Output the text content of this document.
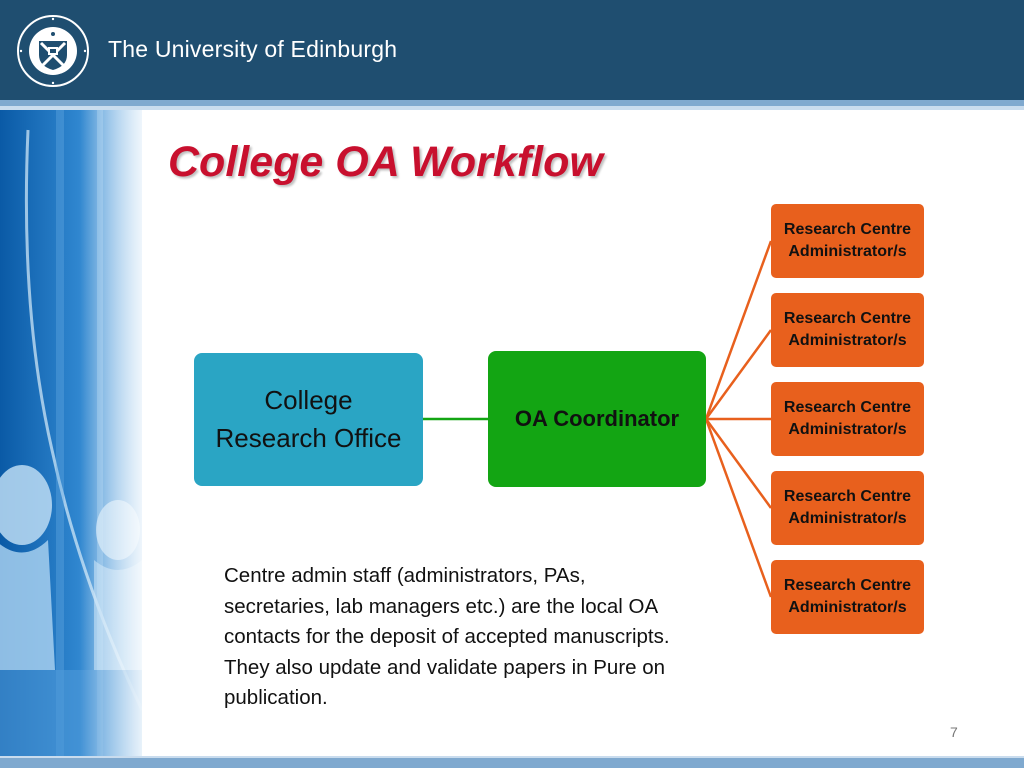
The University of Edinburgh
College OA Workflow
College
Research Office
OA Coordinator
Research Centre
Administrator/s
Research Centre
Administrator/s
Research Centre
Administrator/s
Research Centre
Administrator/s
Research Centre
Administrator/s

Centre admin staff (administrators, PAs, secretaries, lab managers etc.) are the local OA contacts for the deposit of accepted manuscripts. They also update and validate papers in Pure on publication.

7
